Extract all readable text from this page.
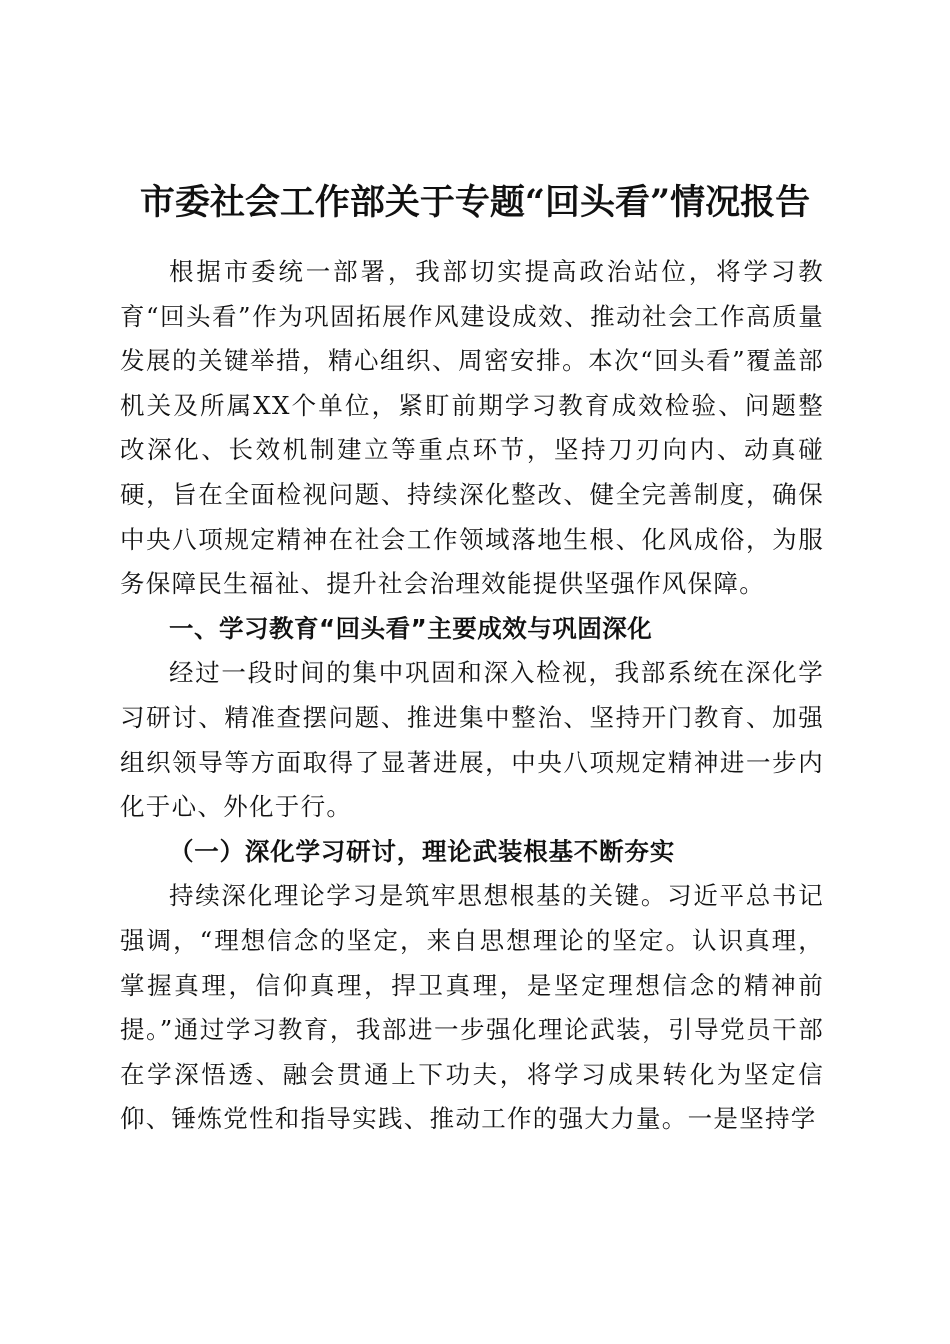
市委社会工作部关于专题“回头看”情况报告

根据市委统一部署，我部切实提高政治站位，将学习教育“回头看”作为巩固拓展作风建设成效、推动社会工作高质量发展的关键举措，精心组织、周密安排。本次“回头看”覆盖部机关及所属XX个单位，紧盯前期学习教育成效检验、问题整改深化、长效机制建立等重点环节，坚持刀刃向内、动真碰硬，旨在全面检视问题、持续深化整改、健全完善制度，确保中央八项规定精神在社会工作领域落地生根、化风成俗，为服务保障民生福祉、提升社会治理效能提供坚强作风保障。

一、学习教育“回头看”主要成效与巩固深化

经过一段时间的集中巩固和深入检视，我部系统在深化学习研讨、精准查摆问题、推进集中整治、坚持开门教育、加强组织领导等方面取得了显著进展，中央八项规定精神进一步内化于心、外化于行。

（一）深化学习研讨，理论武装根基不断夯实

持续深化理论学习是筑牢思想根基的关键。习近平总书记强调，“理想信念的坚定，来自思想理论的坚定。认识真理，掌握真理，信仰真理，捍卫真理，是坚定理想信念的精神前提。”通过学习教育，我部进一步强化理论武装，引导党员干部在学深悟透、融会贯通上下功夫，将学习成果转化为坚定信仰、锤炼党性和指导实践、推动工作的强大力量。一是坚持学
